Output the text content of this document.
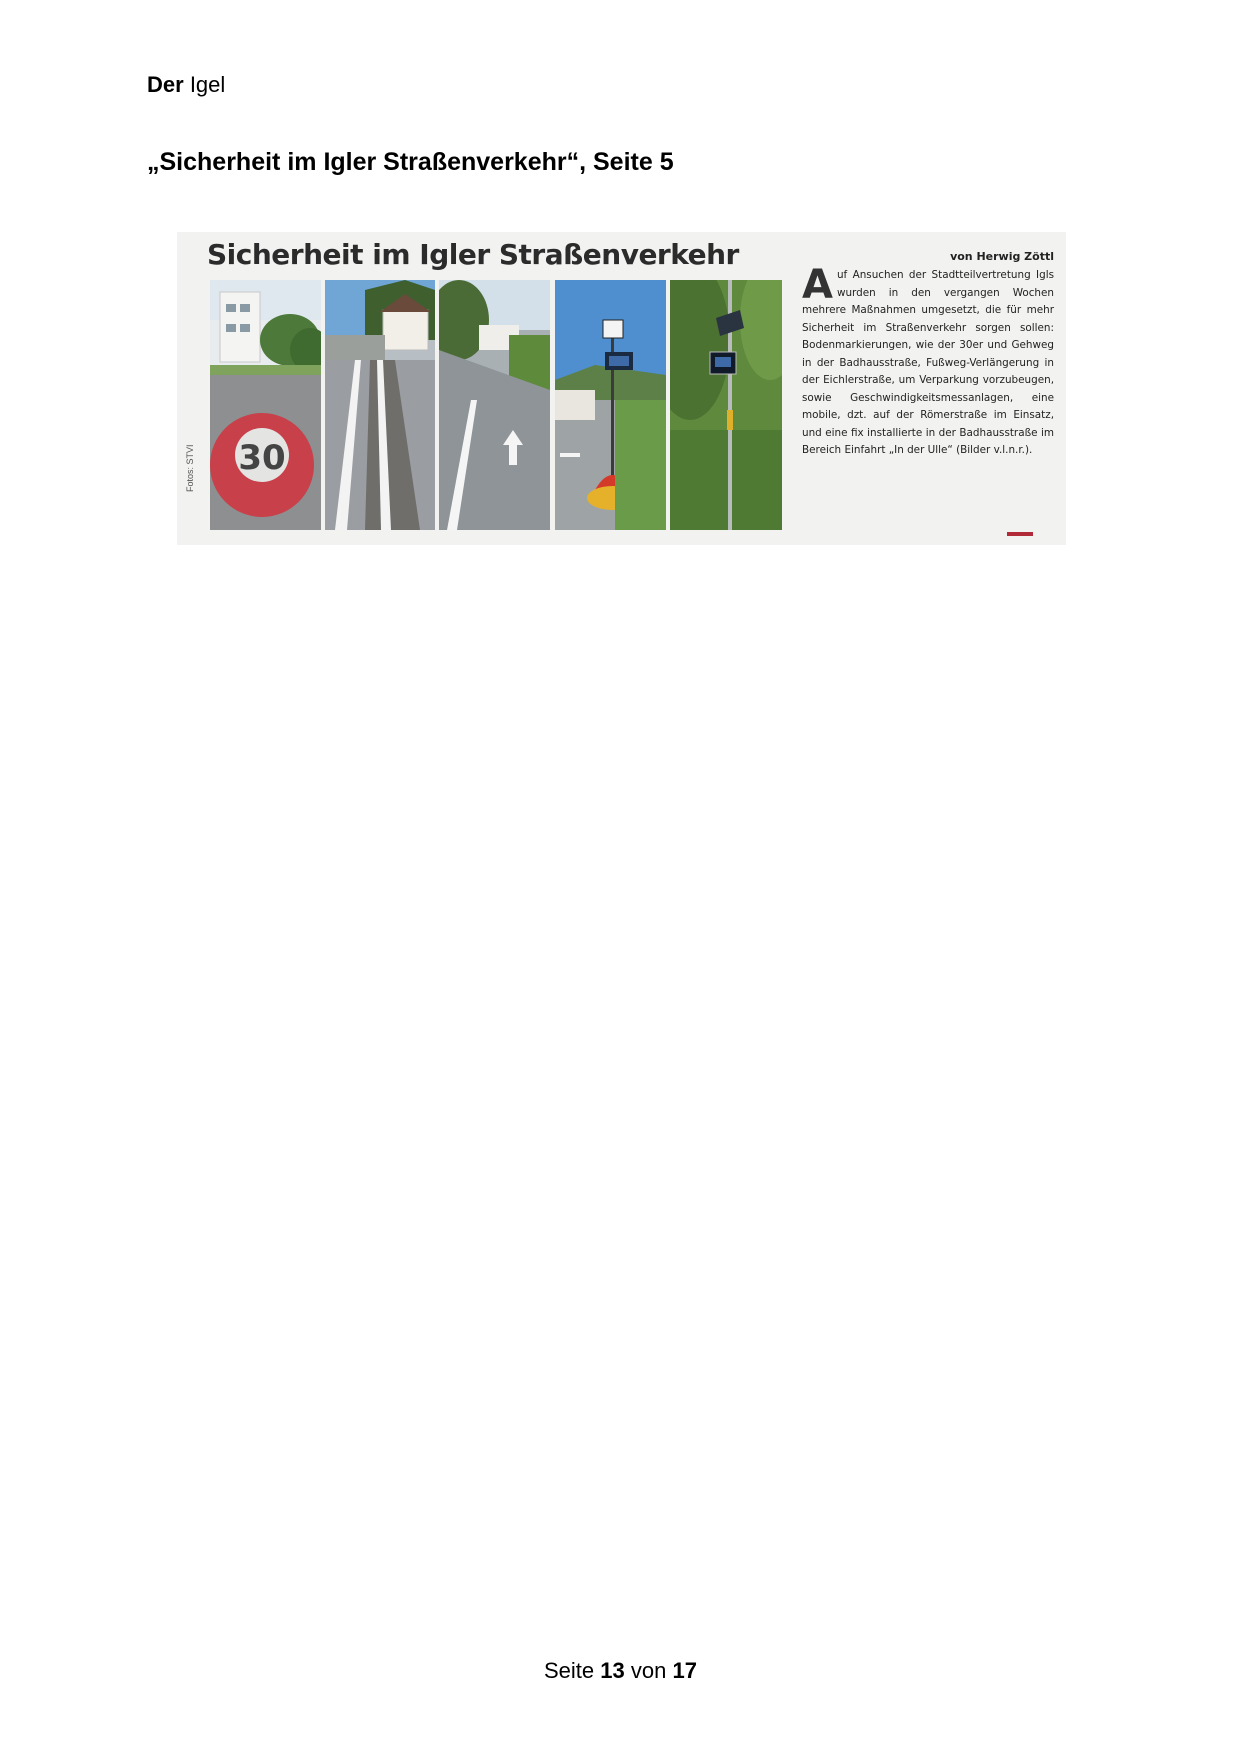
Der Igel
„Sicherheit im Igler Straßenverkehr“, Seite 5
Sicherheit im Igler Straßenverkehr
Fotos: STVI 30
von Herwig Zöttl
Auf Ansuchen der Stadtteilvertretung Igls wurden in den vergangen Wochen mehrere Maßnahmen umgesetzt, die für mehr Sicherheit im Straßenverkehr sorgen sollen: Bodenmarkierungen, wie der 30er und Gehweg in der Badhausstraße, Fußweg-Verlängerung in der Eichlerstraße, um Verparkung vorzubeugen, sowie Geschwindigkeitsmessanlagen, eine mobile, dzt. auf der Römerstraße im Einsatz, und eine fix installierte in der Badhausstraße im Bereich Einfahrt „In der Ulle“ (Bilder v.l.n.r.).
Seite 13 von 17
